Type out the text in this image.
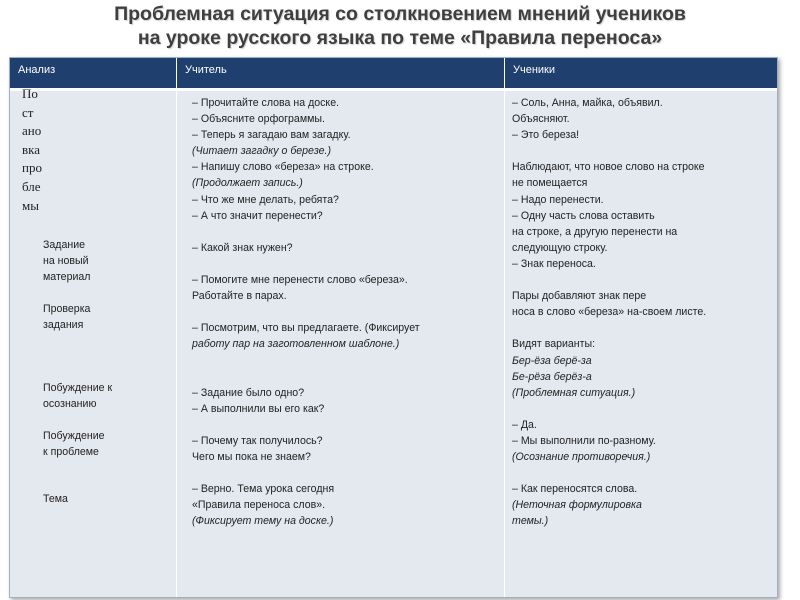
Проблемная ситуация со столкновением мнений учеников
на уроке русского языка по теме «Правила переноса»
Анализ	Учитель	Ученики
По
ст
ано
вка
про
бле
мы
Задание
на новый
материал
Проверка
задания
Побуждение к
осознанию
Побуждение
к проблеме
Тема
– Прочитайте слова на доске.
– Объясните орфограммы.
– Теперь я загадаю вам загадку.
(Читает загадку о березе.)
– Напишу слово «береза» на строке.
(Продолжает запись.)
– Что же мне делать, ребята?
– А что значит перенести?
– Какой знак нужен?
– Помогите мне перенести слово «береза».
Работайте в парах.
– Посмотрим, что вы предлагаете. (Фиксирует
работу пар на заготовленном шаблоне.)
– Задание было одно?
– А выполнили вы его как?
– Почему так получилось?
Чего мы пока не знаем?
– Верно. Тема урока сегодня
«Правила переноса слов».
(Фиксирует тему на доске.)
– Соль, Анна, майка, объявил.
Объясняют.
– Это береза!
Наблюдают, что новое слово на строке
не помещается
– Надо перенести.
– Одну часть слова оставить
на строке, а другую перенести на
следующую строку.
– Знак переноса.
Пары добавляют знак пере
носа в слово «береза» на-своем листе.
Видят варианты:
Бер-ёза берё-за
Бе-рёза берёз-а
(Проблемная ситуация.)
– Да.
– Мы выполнили по-разному.
(Осознание противоречия.)
– Как переносятся слова.
(Неточная формулировка
темы.)
